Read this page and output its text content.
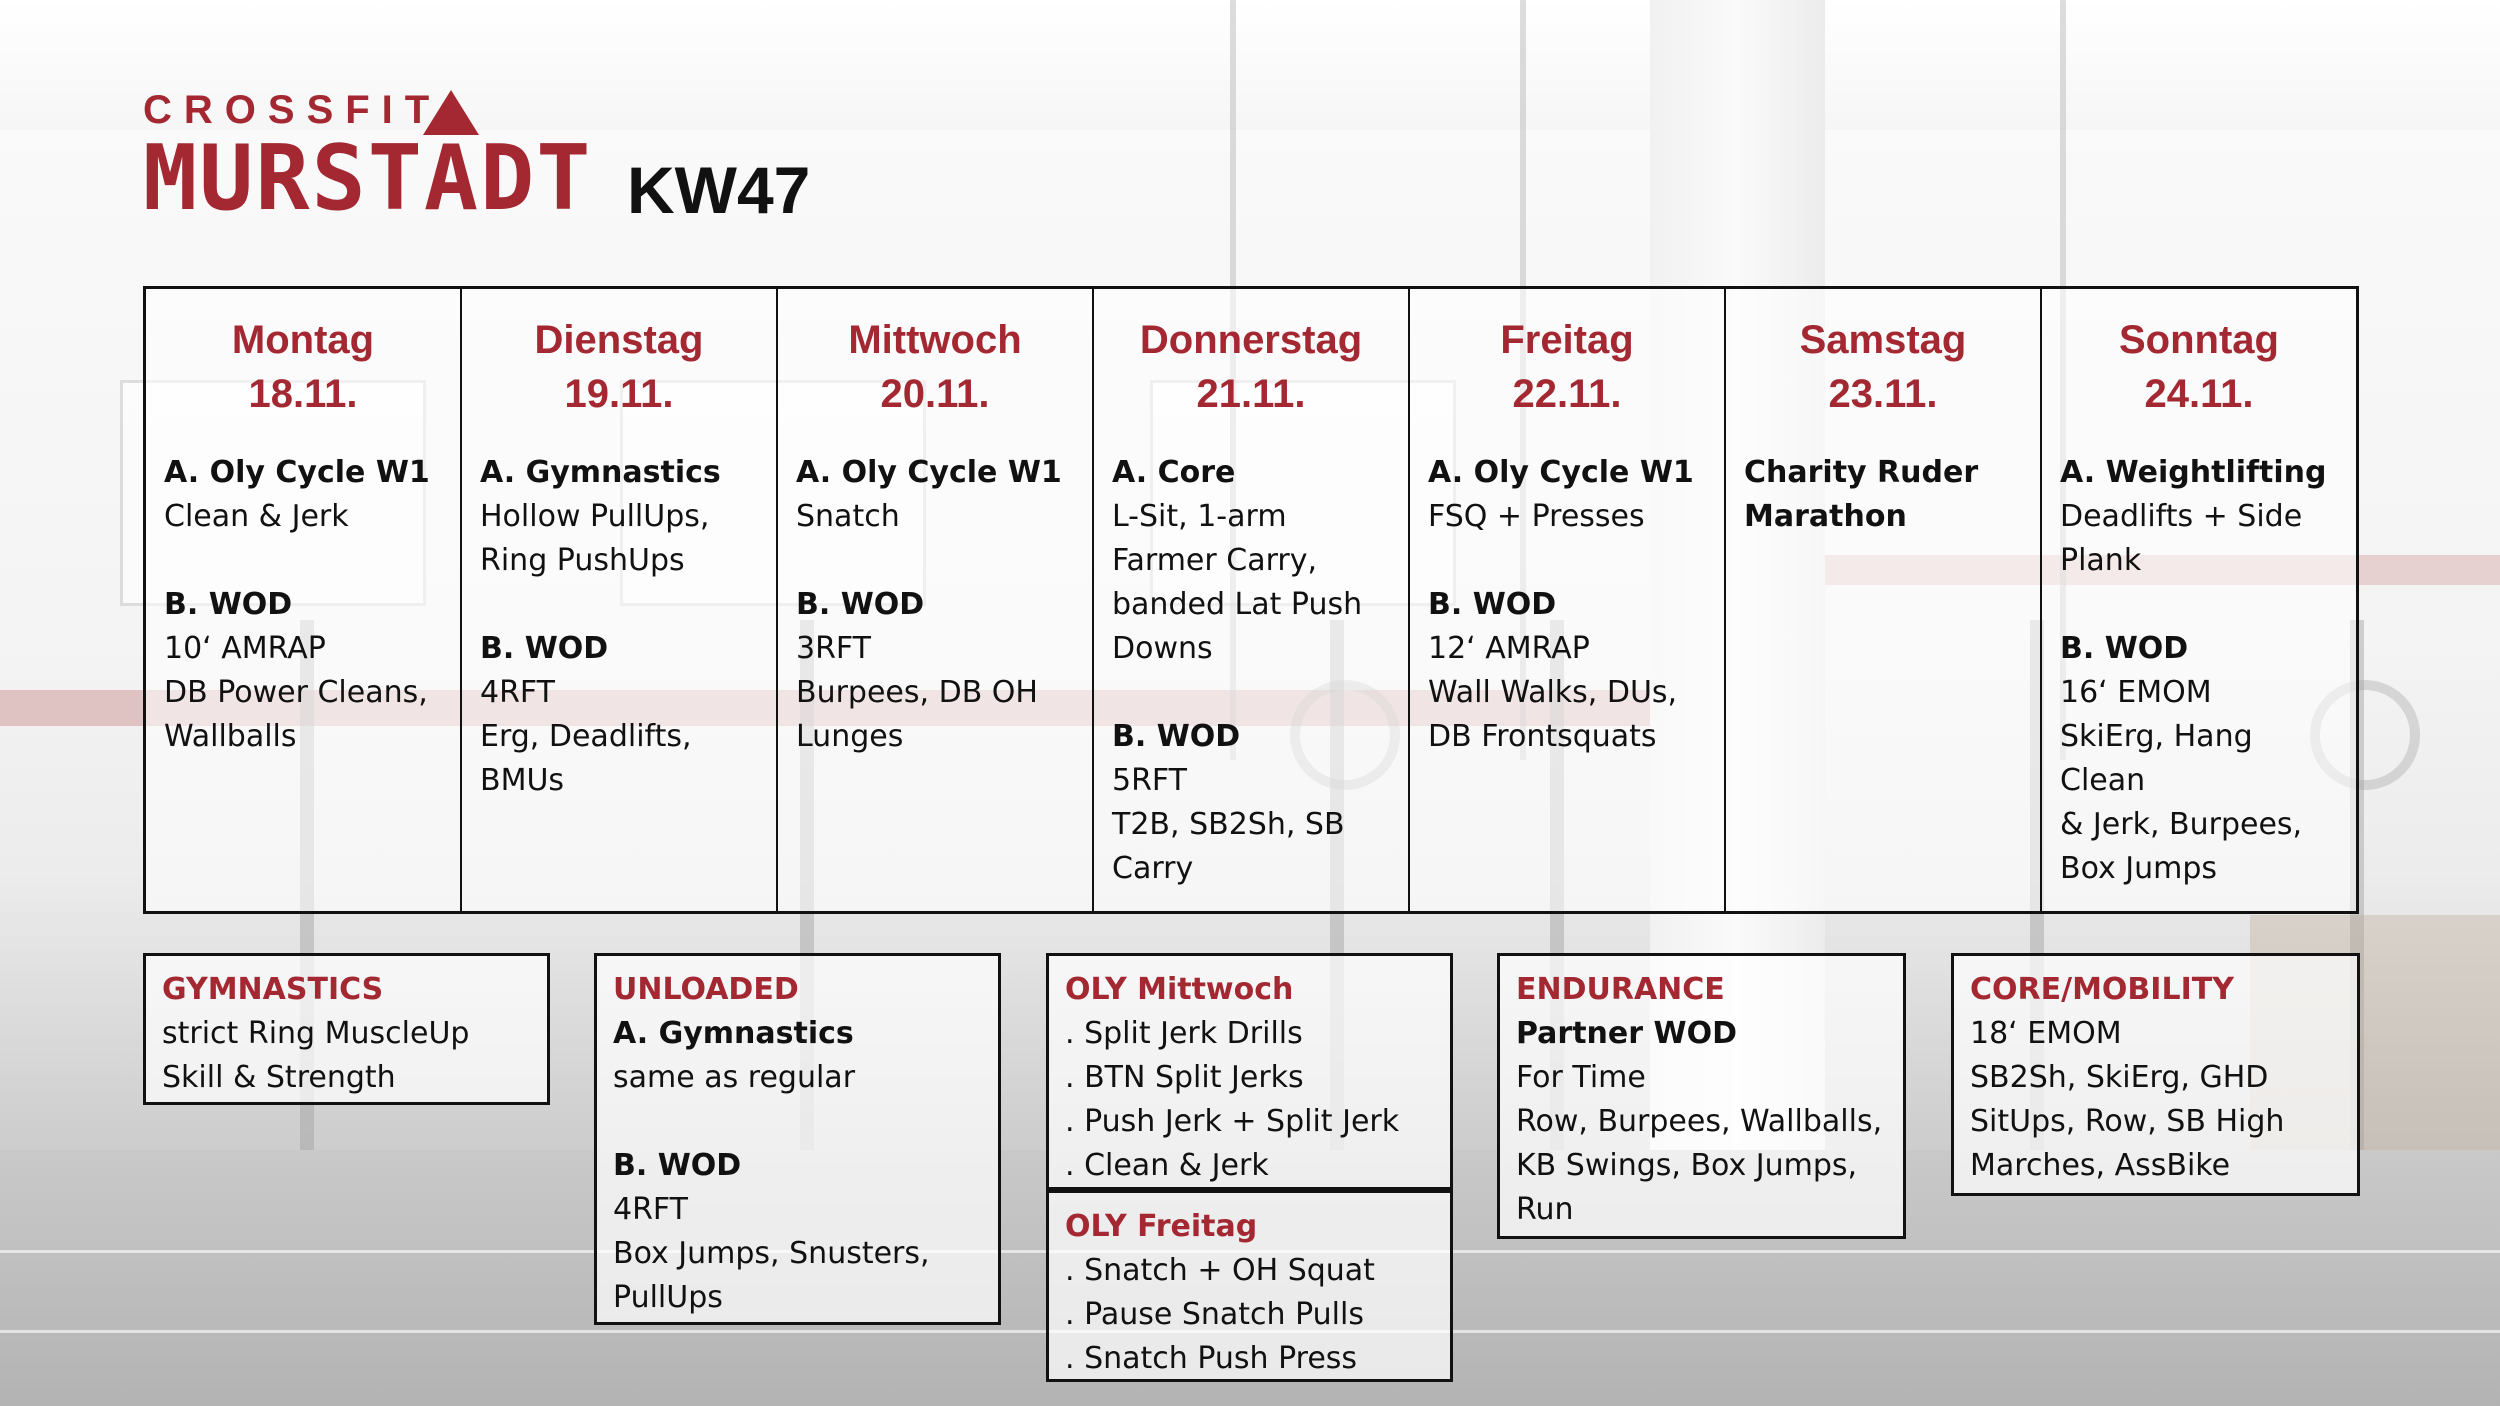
CROSSFIT
MURSTADT KW47
Montag
18.11.
A. Oly Cycle W1
Clean & Jerk
B. WOD
10‘ AMRAP
DB Power Cleans,
Wallballs
Dienstag
19.11.
A. Gymnastics
Hollow PullUps,
Ring PushUps
B. WOD
4RFT
Erg, Deadlifts,
BMUs
Mittwoch
20.11.
A. Oly Cycle W1
Snatch
B. WOD
3RFT
Burpees, DB OH
Lunges
Donnerstag
21.11.
A. Core
L-Sit, 1-arm
Farmer Carry,
banded Lat Push
Downs
B. WOD
5RFT
T2B, SB2Sh, SB
Carry
Freitag
22.11.
A. Oly Cycle W1
FSQ + Presses
B. WOD
12‘ AMRAP
Wall Walks, DUs,
DB Frontsquats
Samstag
23.11.
Charity Ruder
Marathon
Sonntag
24.11.
A. Weightlifting
Deadlifts + Side
Plank
B. WOD
16‘ EMOM
SkiErg, Hang Clean
& Jerk, Burpees,
Box Jumps
GYMNASTICS
strict Ring MuscleUp
Skill & Strength
UNLOADED
A. Gymnastics
same as regular
B. WOD
4RFT
Box Jumps, Snusters,
PullUps
OLY Mittwoch
. Split Jerk Drills
. BTN Split Jerks
. Push Jerk + Split Jerk
. Clean & Jerk
OLY Freitag
. Snatch + OH Squat
. Pause Snatch Pulls
. Snatch Push Press
ENDURANCE
Partner WOD
For Time
Row, Burpees, Wallballs,
KB Swings, Box Jumps,
Run
CORE/MOBILITY
18‘ EMOM
SB2Sh, SkiErg, GHD
SitUps, Row, SB High
Marches, AssBike
